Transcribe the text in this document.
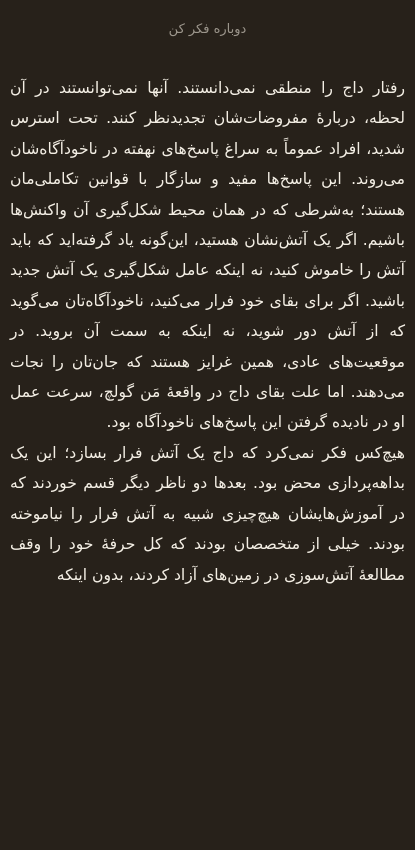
دوباره فکر کن

رفتار داج را منطقی نمی‌دانستند. آنها نمی‌توانستند در آن لحظه، دربارهٔ مفروضات‌شان تجدیدنظر کنند. تحت استرس شدید، افراد عموماً به سراغ پاسخ‌های نهفته در ناخودآگاه‌شان می‌روند. این پاسخ‌ها مفید و سازگار با قوانین تکاملی‌مان هستند؛ به‌شرطی که در همان محیط شکل‌گیری آن واکنش‌ها باشیم. اگر یک آتش‌نشان هستید، این‌گونه یاد گرفته‌اید که باید آتش را خاموش کنید، نه اینکه عامل شکل‌گیری یک آتش جدید باشید. اگر برای بقای خود فرار می‌کنید، ناخودآگاه‌تان می‌گوید که از آتش دور شوید، نه اینکه به سمت آن بروید. در موقعیت‌های عادی، همین غرایز هستند که جان‌تان را نجات می‌دهند. اما علت بقای داج در واقعهٔ مَن گولچ، سرعت عمل او در نادیده گرفتن این پاسخ‌های ناخودآگاه بود.

هیچ‌کس فکر نمی‌کرد که داج یک آتش فرار بسازد؛ این یک بداهه‌پردازی محض بود. بعدها دو ناظر دیگر قسم خوردند که در آموزش‌هایشان هیچ‌چیزی شبیه به آتش فرار را نیاموخته بودند. خیلی از متخصصان بودند که کل حرفهٔ خود را وقف مطالعهٔ آتش‌سوزی در زمین‌های آزاد کردند، بدون اینکه
